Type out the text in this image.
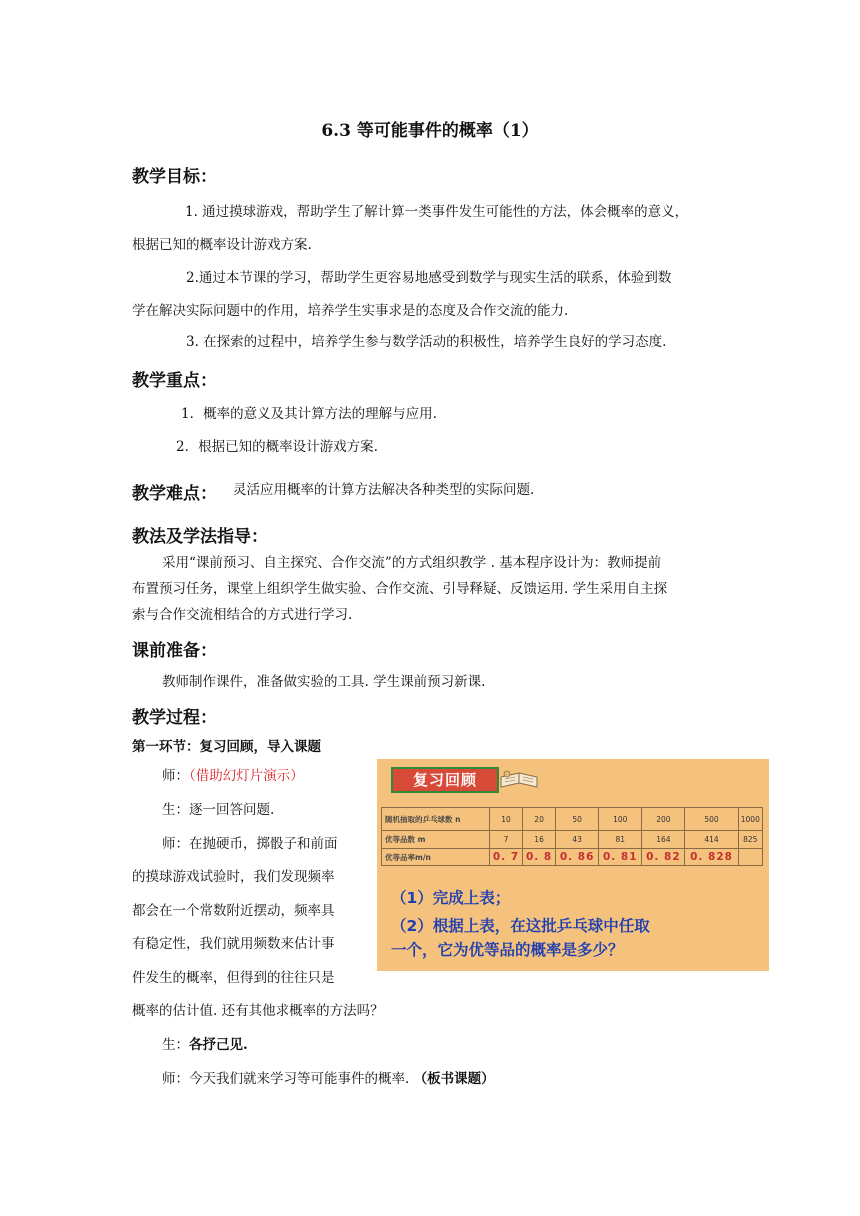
6.3 等可能事件的概率（1）
教学目标：
1. 通过摸球游戏，帮助学生了解计算一类事件发生可能性的方法，体会概率的意义，
根据已知的概率设计游戏方案.
2.通过本节课的学习，帮助学生更容易地感受到数学与现实生活的联系，体验到数
学在解决实际问题中的作用，培养学生实事求是的态度及合作交流的能力.
3. 在探索的过程中，培养学生参与数学活动的积极性，培养学生良好的学习态度.
教学重点：
1．概率的意义及其计算方法的理解与应用.
2．根据已知的概率设计游戏方案.
教学难点： 灵活应用概率的计算方法解决各种类型的实际问题.
教法及学法指导：
采用“课前预习、自主探究、合作交流”的方式组织教学 . 基本程序设计为：教师提前
布置预习任务，课堂上组织学生做实验、合作交流、引导释疑、反馈运用. 学生采用自主探
索与合作交流相结合的方式进行学习.
课前准备：
教师制作课件，准备做实验的工具. 学生课前预习新课.
教学过程：
第一环节：复习回顾，导入课题
师：（借助幻灯片演示）
生：逐一回答问题.
师：在抛硬币，掷骰子和前面
的摸球游戏试验时，我们发现频率
都会在一个常数附近摆动，频率具
有稳定性，我们就用频数来估计事
件发生的概率，但得到的往往只是
概率的估计值. 还有其他求概率的方法吗？
生：各抒己见.
师：今天我们就来学习等可能事件的概率. （板书课题）
复习回顾
随机抽取的乒乓球数 n	10	20	50	100	200	500	1000
优等品数 m	7	16	43	81	164	414	825
优等品率m/n	0. 7	0. 8	0. 86	0. 81	0. 82	0. 828	
（1）完成上表；
（2）根据上表，在这批乒乓球中任取
一个，它为优等品的概率是多少？
